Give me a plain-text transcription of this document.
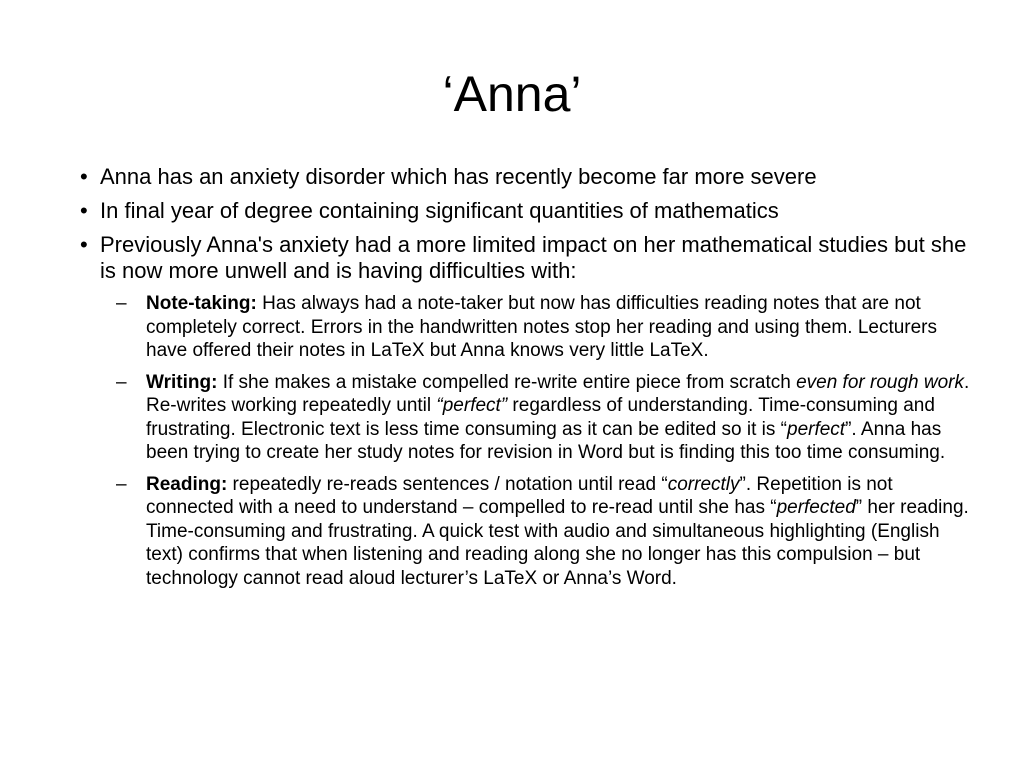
‘Anna’
• Anna has an anxiety disorder which has recently become far more severe
• In final year of degree containing significant quantities of mathematics
• Previously Anna's anxiety had a more limited impact on her mathematical studies but she is now more unwell and is having difficulties with:
– Note-taking: Has always had a note-taker but now has difficulties reading notes that are not completely correct. Errors in the handwritten notes stop her reading and using them. Lecturers have offered their notes in LaTeX but Anna knows very little LaTeX.
– Writing: If she makes a mistake compelled re-write entire piece from scratch even for rough work. Re-writes working repeatedly until “perfect” regardless of understanding. Time-consuming and frustrating. Electronic text is less time consuming as it can be edited so it is “perfect”. Anna has been trying to create her study notes for revision in Word but is finding this too time consuming.
– Reading: repeatedly re-reads sentences / notation until read “correctly”. Repetition is not connected with a need to understand – compelled to re-read until she has “perfected” her reading. Time-consuming and frustrating. A quick test with audio and simultaneous highlighting (English text) confirms that when listening and reading along she no longer has this compulsion – but technology cannot read aloud lecturer’s LaTeX or Anna’s Word.
